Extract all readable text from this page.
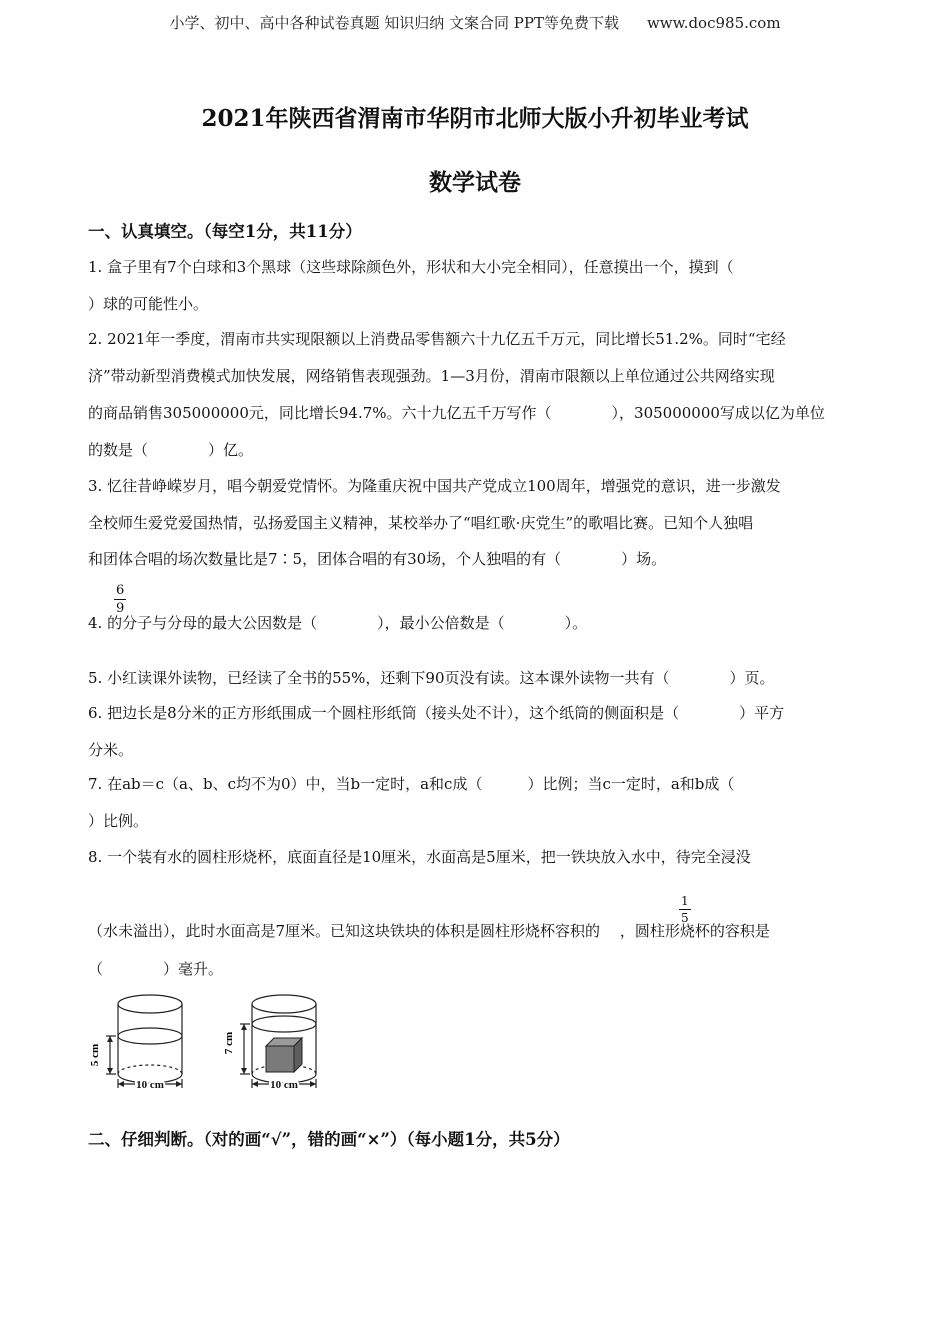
小学、初中、高中各种试卷真题 知识归纳 文案合同 PPT等免费下载 www.doc985.com
2021年陕西省渭南市华阴市北师大版小升初毕业考试
数学试卷
一、认真填空。（每空1分，共11分）
1. 盒子里有7个白球和3个黑球（这些球除颜色外，形状和大小完全相同），任意摸出一个，摸到（
）球的可能性小。
2. 2021年一季度，渭南市共实现限额以上消费品零售额六十九亿五千万元，同比增长51.2%。同时“宅经
济”带动新型消费模式加快发展，网络销售表现强劲。1—3月份，渭南市限额以上单位通过公共网络实现
的商品销售305000000元，同比增长94.7%。六十九亿五千万写作（　　　　），305000000写成以亿为单位
的数是（　　　　）亿。
3. 忆往昔峥嵘岁月，唱今朝爱党情怀。为隆重庆祝中国共产党成立100周年，增强党的意识，进一步激发
全校师生爱党爱国热情，弘扬爱国主义精神，某校举办了“唱红歌·庆党生”的歌唱比赛。已知个人独唱
和团体合唱的场次数量比是7∶5，团体合唱的有30场，个人独唱的有（　　　　）场。
$\frac{6}{9}$
4. 的分子与分母的最大公因数是（　　　　），最小公倍数是（　　　　）。
5. 小红读课外读物，已经读了全书的55%，还剩下90页没有读。这本课外读物一共有（　　　　）页。
6. 把边长是8分米的正方形纸围成一个圆柱形纸筒（接头处不计），这个纸筒的侧面积是（　　　　）平方
分米。
7. 在ab＝c（a、b、c均不为0）中，当b一定时，a和c成（　　　）比例；当c一定时，a和b成（
）比例。
8. 一个装有水的圆柱形烧杯，底面直径是10厘米，水面高是5厘米，把一铁块放入水中，待完全浸没
$\frac{1}{5}$
（水未溢出），此时水面高是7厘米。已知这块铁块的体积是圆柱形烧杯容积的　 ，圆柱形烧杯的容积是
（　　　　）毫升。
5 cm
10 cm
7 cm
10 cm
二、仔细判断。（对的画“√”，错的画“×”）（每小题1分，共5分）
